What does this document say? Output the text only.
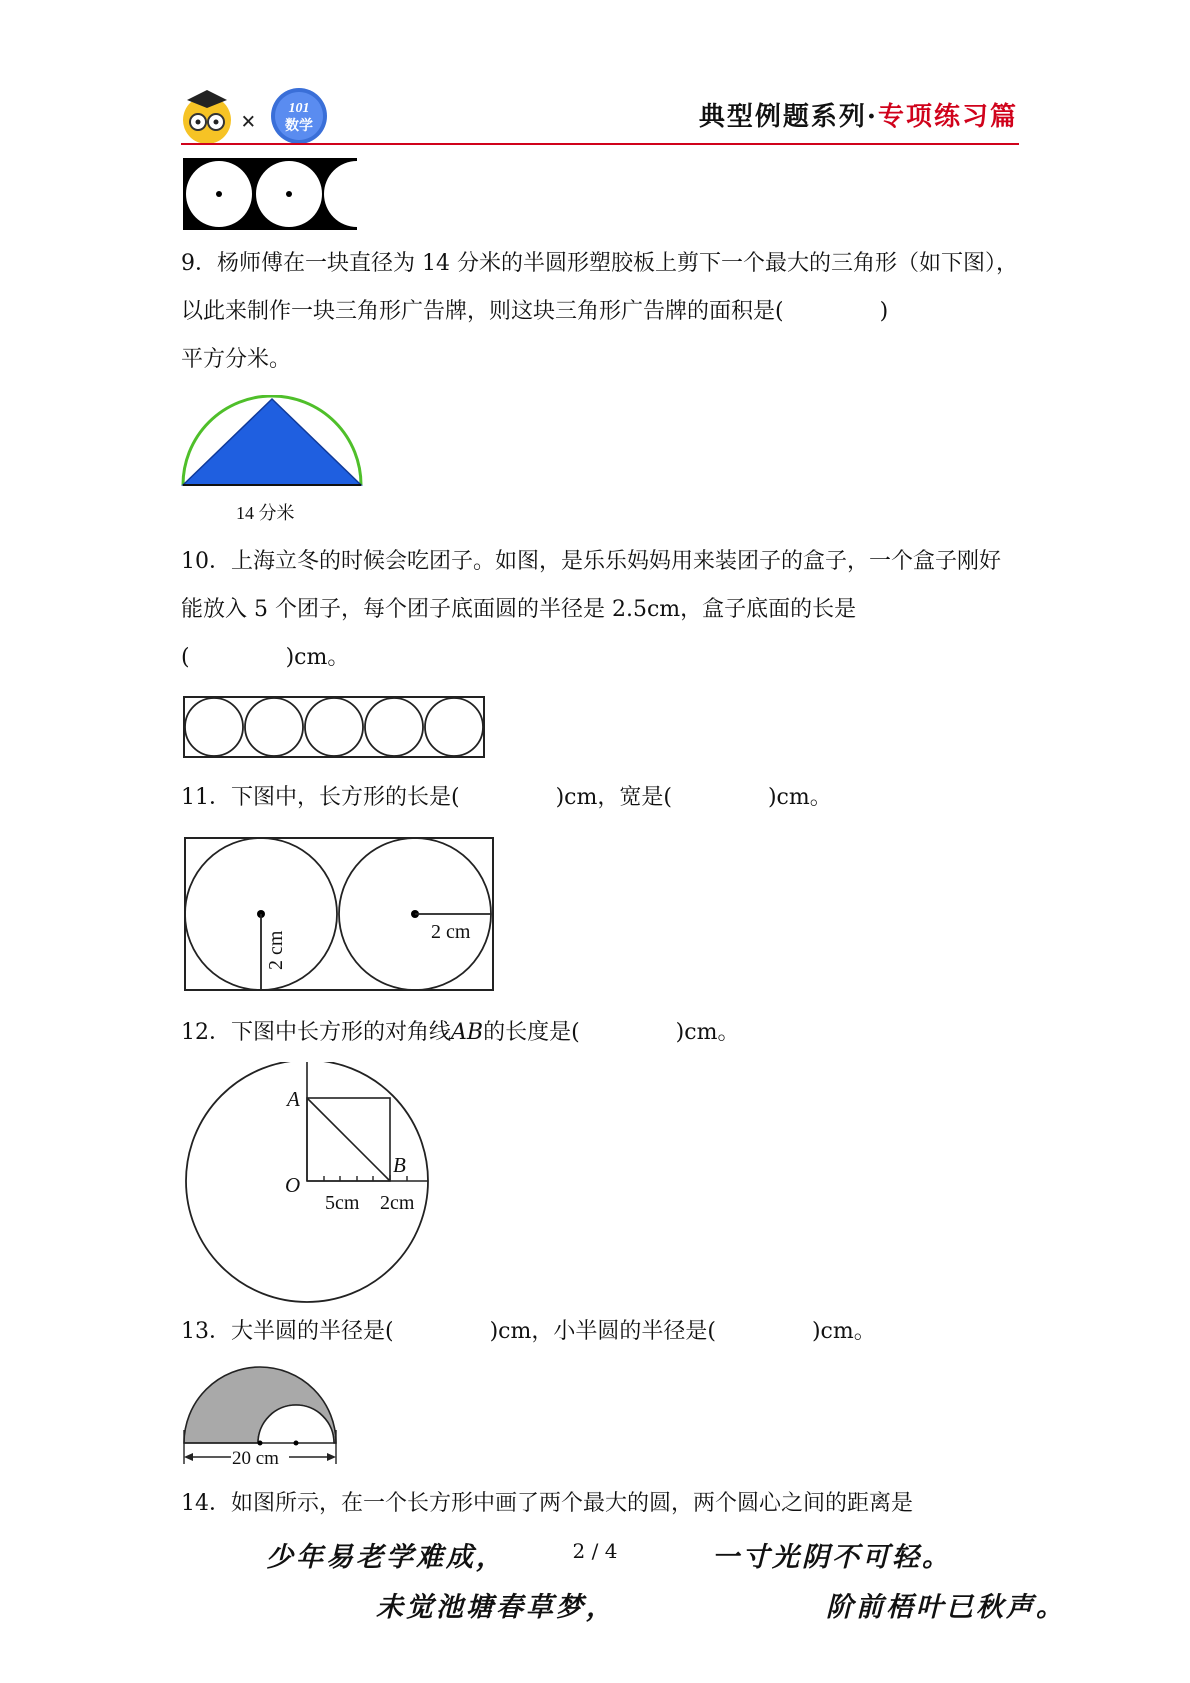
× 101
数学	典型例题系列·专项练习篇
9．杨师傅在一块直径为 14 分米的半圆形塑胶板上剪下一个最大的三角形（如下图），以此来制作一块三角形广告牌，则这块三角形广告牌的面积是(	)
平方分米。
14 分米
10．上海立冬的时候会吃团子。如图，是乐乐妈妈用来装团子的盒子，一个盒子刚好能放入 5 个团子，每个团子底面圆的半径是 2.5cm，盒子底面的长是
(	)cm。
11．下图中，长方形的长是(	)cm，宽是(	)cm。
2 cm	2 cm
12．下图中长方形的对角线AB的长度是(	)cm。
A
B
O
5cm 2cm
13．大半圆的半径是(	)cm，小半圆的半径是(	)cm。
20 cm
14．如图所示，在一个长方形中画了两个最大的圆，两个圆心之间的距离是
少年易老学难成，	2 / 4	一寸光阴不可轻。
未觉池塘春草梦，	阶前梧叶已秋声。
